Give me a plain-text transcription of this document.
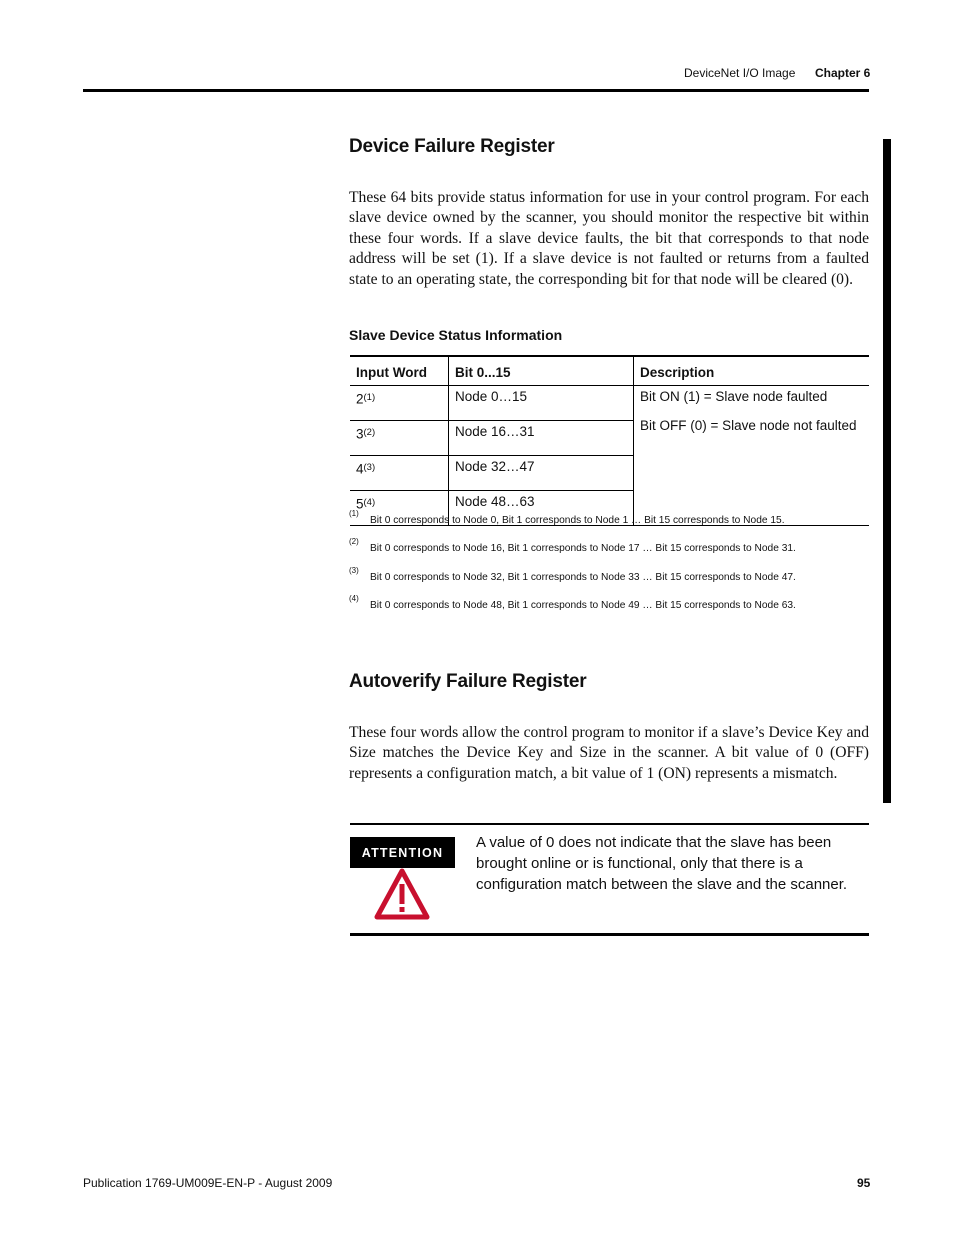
DeviceNet I/O Image Chapter 6
Device Failure Register

These 64 bits provide status information for use in your control program. For each slave device owned by the scanner, you should monitor the respective bit within these four words. If a slave device faults, the bit that corresponds to that node address will be set (1). If a slave device is not faulted or returns from a faulted state to an operating state, the corresponding bit for that node will be cleared (0).

Slave Device Status Information
Input Word	Bit 0...15	Description
2$^{(1)}$	Node 0…15	Bit ON (1) = Slave node faulted
Bit OFF (0) = Slave node not faulted

3$^{(2)}$	Node 16…31	
4$^{(3)}$	Node 32…47	
5$^{(4)}$	Node 48…63	
(1)
Bit 0 corresponds to Node 0, Bit 1 corresponds to Node 1 … Bit 15 corresponds to Node 15.
(2)
Bit 0 corresponds to Node 16, Bit 1 corresponds to Node 17 … Bit 15 corresponds to Node 31.
(3)
Bit 0 corresponds to Node 32, Bit 1 corresponds to Node 33 … Bit 15 corresponds to Node 47.
(4)
Bit 0 corresponds to Node 48, Bit 1 corresponds to Node 49 … Bit 15 corresponds to Node 63.
Autoverify Failure Register

These four words allow the control program to monitor if a slave’s Device Key and Size matches the Device Key and Size in the scanner. A bit value of 0 (OFF) represents a configuration match, a bit value of 1 (ON) represents a mismatch.

ATTENTION

A value of 0 does not indicate that the slave has been brought online or is functional, only that there is a configuration match between the slave and the scanner.

Publication 1769-UM009E-EN-P - August 2009	95
